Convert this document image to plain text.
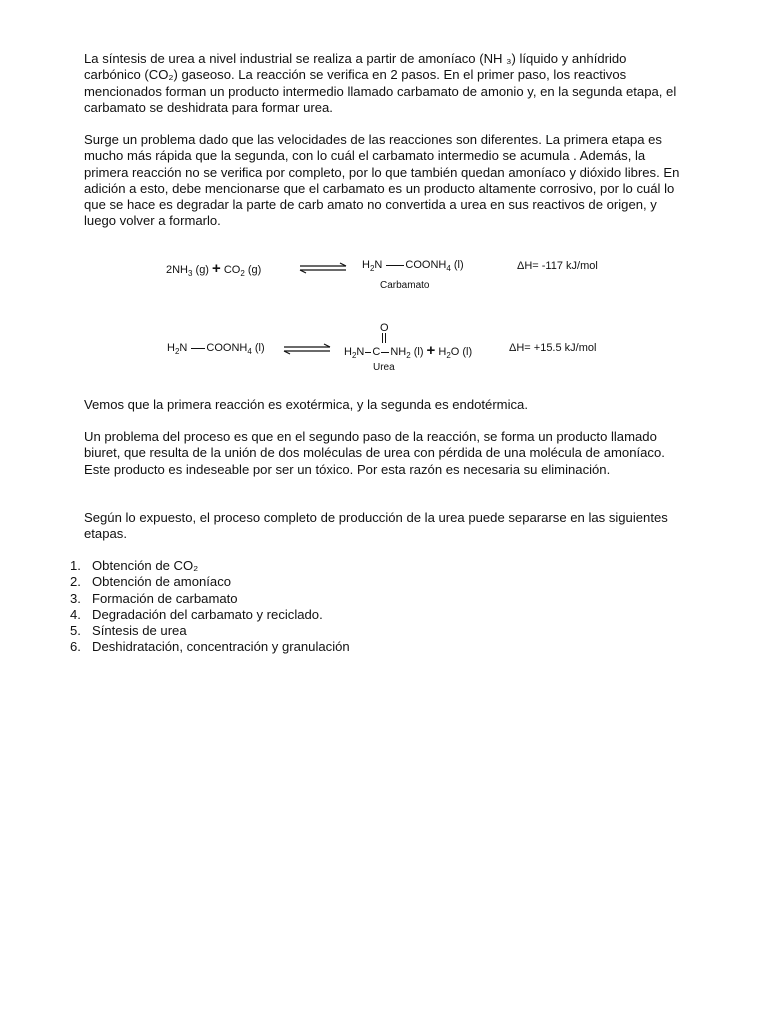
La síntesis de urea a nivel industrial se realiza a partir de amoníaco (NH ₃) líquido y anhídrido carbónico (CO₂) gaseoso. La reacción se verifica en 2 pasos. En el primer paso, los reactivos mencionados forman un producto intermedio llamado carbamato de amonio y, en la segunda etapa, el carbamato se deshidrata para formar urea.

Surge un problema dado que las velocidades de las reacciones son diferentes. La primera etapa es mucho más rápida que la segunda, con lo cuál el carbamato intermedio se acumula . Además, la primera reacción no se verifica por completo, por lo que también quedan amoníaco y dióxido libres. En adición a esto, debe mencionarse que el carbamato es un producto altamente corrosivo, por lo cuál lo que se hace es degradar la parte de carb amato no convertida a urea en sus reactivos de origen, y luego volver a formarlo.

$2NH_3$ $(g) + CO_2$ (g) ⇌ $H_2N$ $COONH_4$ (l)
Carbamato
ΔH= -117 kJ/mol
$H_2N$ $COONH_4$ (l) ⇌
O
$H_2N$ C $NH_2$ $(l) + H_2O$ (l)
Urea
ΔH= +15.5 kJ/mol

Vemos que la primera reacción es exotérmica, y la segunda es endotérmica.

Un problema del proceso es que en el segundo paso de la reacción, se forma un producto llamado biuret, que resulta de la unión de dos moléculas de urea con pérdida de una molécula de amoníaco. Este producto es indeseable por ser un tóxico. Por esta razón es necesaria su eliminación.

Según lo expuesto, el proceso completo de producción de la urea puede separarse en las siguientes etapas.

1. Obtención de CO₂
2. Obtención de amoníaco
3. Formación de carbamato
4. Degradación del carbamato y reciclado.
5. Síntesis de urea
6. Deshidratación, concentración y granulación
